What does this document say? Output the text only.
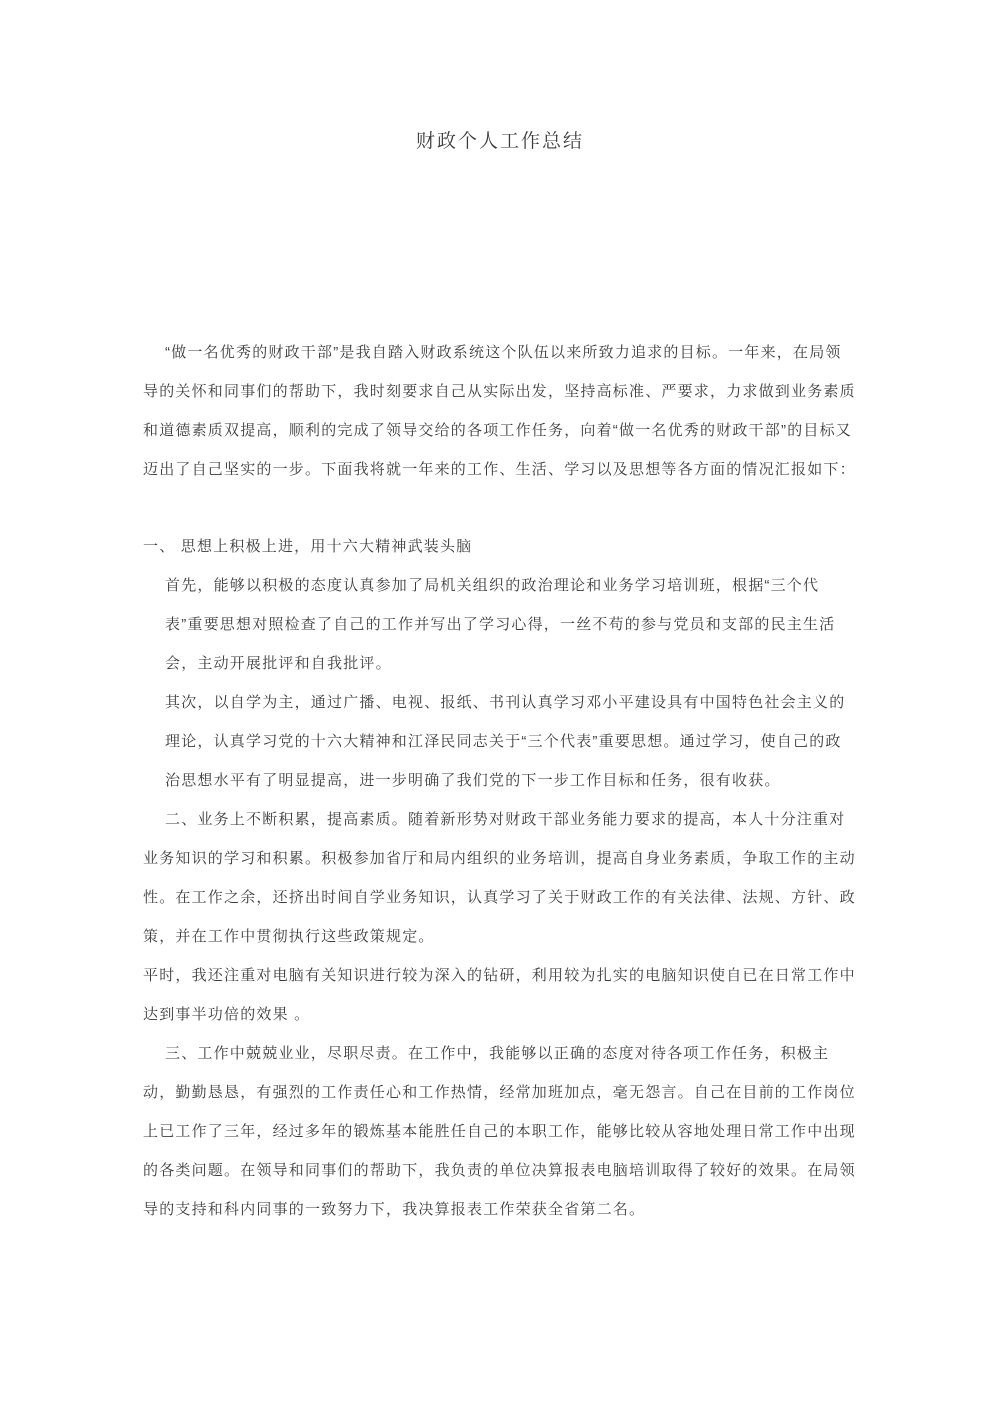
财政个人工作总结

“做一名优秀的财政干部”是我自踏入财政系统这个队伍以来所致力追求的目标。一年来，在局领导的关怀和同事们的帮助下，我时刻要求自己从实际出发，坚持高标准、严要求，力求做到业务素质和道德素质双提高，顺利的完成了领导交给的各项工作任务，向着“做一名优秀的财政干部”的目标又迈出了自己坚实的一步。下面我将就一年来的工作、生活、学习以及思想等各方面的情况汇报如下：

一、 思想上积极上进，用十六大精神武装头脑

首先，能够以积极的态度认真参加了局机关组织的政治理论和业务学习培训班，根据“三个代表”重要思想对照检查了自己的工作并写出了学习心得，一丝不苟的参与党员和支部的民主生活会，主动开展批评和自我批评。

其次，以自学为主，通过广播、电视、报纸、书刊认真学习邓小平建设具有中国特色社会主义的理论，认真学习党的十六大精神和江泽民同志关于“三个代表”重要思想。通过学习，使自己的政治思想水平有了明显提高，进一步明确了我们党的下一步工作目标和任务，很有收获。

二、业务上不断积累，提高素质。随着新形势对财政干部业务能力要求的提高，本人十分注重对业务知识的学习和积累。积极参加省厅和局内组织的业务培训，提高自身业务素质，争取工作的主动性。在工作之余，还挤出时间自学业务知识，认真学习了关于财政工作的有关法律、法规、方针、政策，并在工作中贯彻执行这些政策规定。

平时，我还注重对电脑有关知识进行较为深入的钻研，利用较为扎实的电脑知识使自已在日常工作中达到事半功倍的效果 。

三、工作中兢兢业业，尽职尽责。在工作中，我能够以正确的态度对待各项工作任务，积极主动，勤勤恳恳，有强烈的工作责任心和工作热情，经常加班加点，毫无怨言。自己在目前的工作岗位上已工作了三年，经过多年的锻炼基本能胜任自己的本职工作，能够比较从容地处理日常工作中出现的各类问题。在领导和同事们的帮助下，我负责的单位决算报表电脑培训取得了较好的效果。在局领导的支持和科内同事的一致努力下，我决算报表工作荣获全省第二名。
